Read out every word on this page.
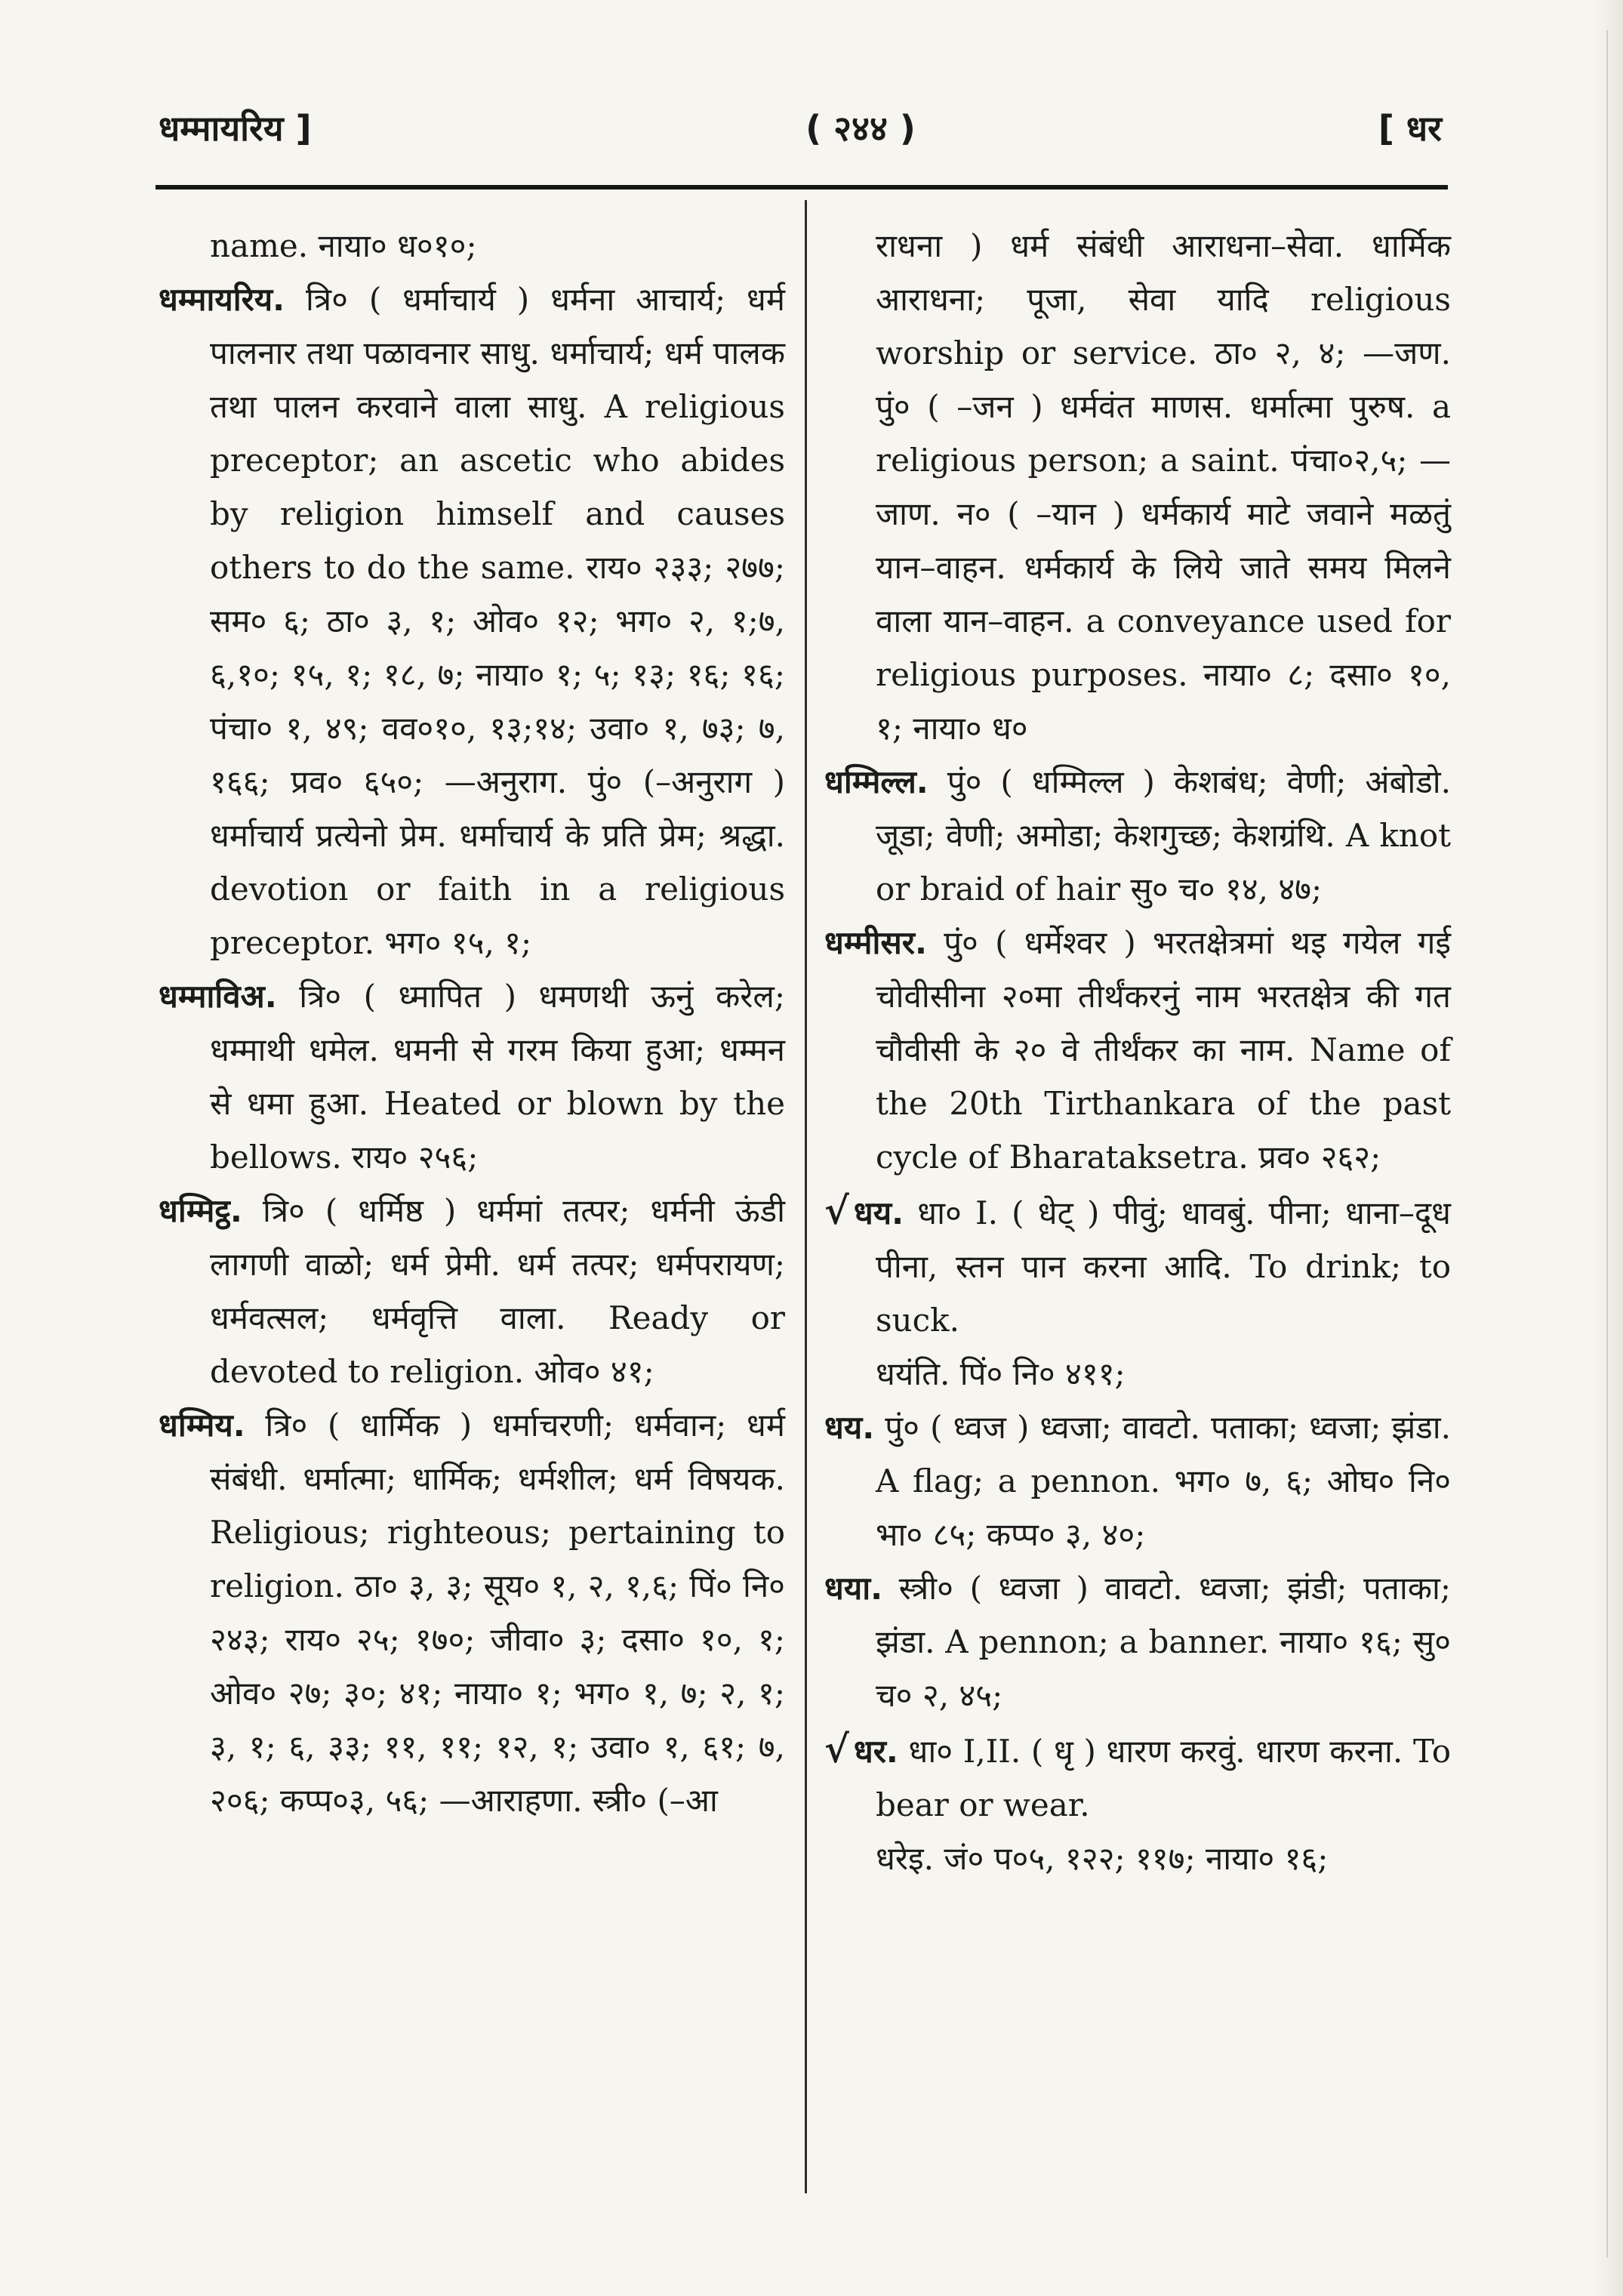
धम्मायरिय ]	( २४४ )	[ धर

name. नाया० ध०१०;

धम्मायरिय. त्रि० ( धर्माचार्य ) धर्मना आचार्य; धर्म पालनार तथा पळावनार साधु. धर्माचार्य; धर्म पालक तथा पालन करवाने वाला साधु. A religious preceptor; an ascetic who abides by religion himself and causes others to do the same. राय० २३३; २७७; सम० ६; ठा० ३, १; ओव० १२; भग० २, १;७, ६,१०; १५, १; १८, ७; नाया० १; ५; १३; १६; १६; पंचा० १, ४९; वव०१०, १३;१४; उवा० १, ७३; ७, १६६; प्रव० ६५०; —अनुराग. पुं० (–अनुराग ) धर्माचार्य प्रत्येनो प्रेम. धर्माचार्य के प्रति प्रेम; श्रद्धा. devotion or faith in a religious preceptor. भग० १५, १;

धम्माविअ. त्रि० ( ध्मापित ) धमणथी ऊनुं करेल; धम्माथी धमेल. धमनी से गरम किया हुआ; धम्मन से धमा हुआ. Heated or blown by the bellows. राय० २५६;

धम्मिट्ठ. त्रि० ( धर्मिष्ठ ) धर्ममां तत्पर; धर्मनी ऊंडी लागणी वाळो; धर्म प्रेमी. धर्म तत्पर; धर्मपरायण; धर्मवत्सल; धर्मवृत्ति वाला. Ready or devoted to religion. ओव० ४१;

धम्मिय. त्रि० ( धार्मिक ) धर्माचरणी; धर्मवान; धर्म संबंधी. धर्मात्मा; धार्मिक; धर्मशील; धर्म विषयक. Religious; righteous; pertaining to religion. ठा० ३, ३; सूय० १, २, १,६; पिं० नि० २४३; राय० २५; १७०; जीवा० ३; दसा० १०, १; ओव० २७; ३०; ४१; नाया० १; भग० १, ७; २, १; ३, १; ६, ३३; ११, ११; १२, १; उवा० १, ६१; ७, २०६; कप्प०३, ५६; —आराहणा. स्त्री० (–आ

राधना ) धर्म संबंधी आराधना–सेवा. धार्मिक आराधना; पूजा, सेवा यादि religious worship or service. ठा० २, ४; —जण. पुं० ( –जन ) धर्मवंत माणस. धर्मात्मा पुरुष. a religious person; a saint. पंचा०२,५; —जाण. न० ( –यान ) धर्मकार्य माटे जवाने मळतुं यान–वाहन. धर्मकार्य के लिये जाते समय मिलने वाला यान–वाहन. a conveyance used for religious purposes. नाया० ८; दसा० १०, १; नाया० ध०

धम्मिल्ल. पुं० ( धम्मिल्ल ) केशबंध; वेणी; अंबोडो. जूडा; वेणी; अमोडा; केशगुच्छ; केशग्रंथि. A knot or braid of hair सु० च० १४, ४७;

धम्मीसर. पुं० ( धर्मेश्वर ) भरतक्षेत्रमां थइ गयेल गई चोवीसीना २०मा तीर्थंकरनुं नाम भरतक्षेत्र की गत चौवीसी के २० वे तीर्थंकर का नाम. Name of the 20th Tirthankara of the past cycle of Bharataksetra. प्रव० २६२;

√ धय. धा० I. ( धेट् ) पीवुं; धावबुं. पीना; धाना–दूध पीना, स्तन पान करना आदि. To drink; to suck.

धयंति. पिं० नि० ४११;

धय. पुं० ( ध्वज ) ध्वजा; वावटो. पताका; ध्वजा; झंडा. A flag; a pennon. भग० ७, ६; ओघ० नि० भा० ८५; कप्प० ३, ४०;

धया. स्त्री० ( ध्वजा ) वावटो. ध्वजा; झंडी; पताका; झंडा. A pennon; a banner. नाया० १६; सु० च० २, ४५;

√ धर. धा० I,II. ( धृ ) धारण करवुं. धारण करना. To bear or wear.

धरेइ. जं० प०५, १२२; ११७; नाया० १६;
